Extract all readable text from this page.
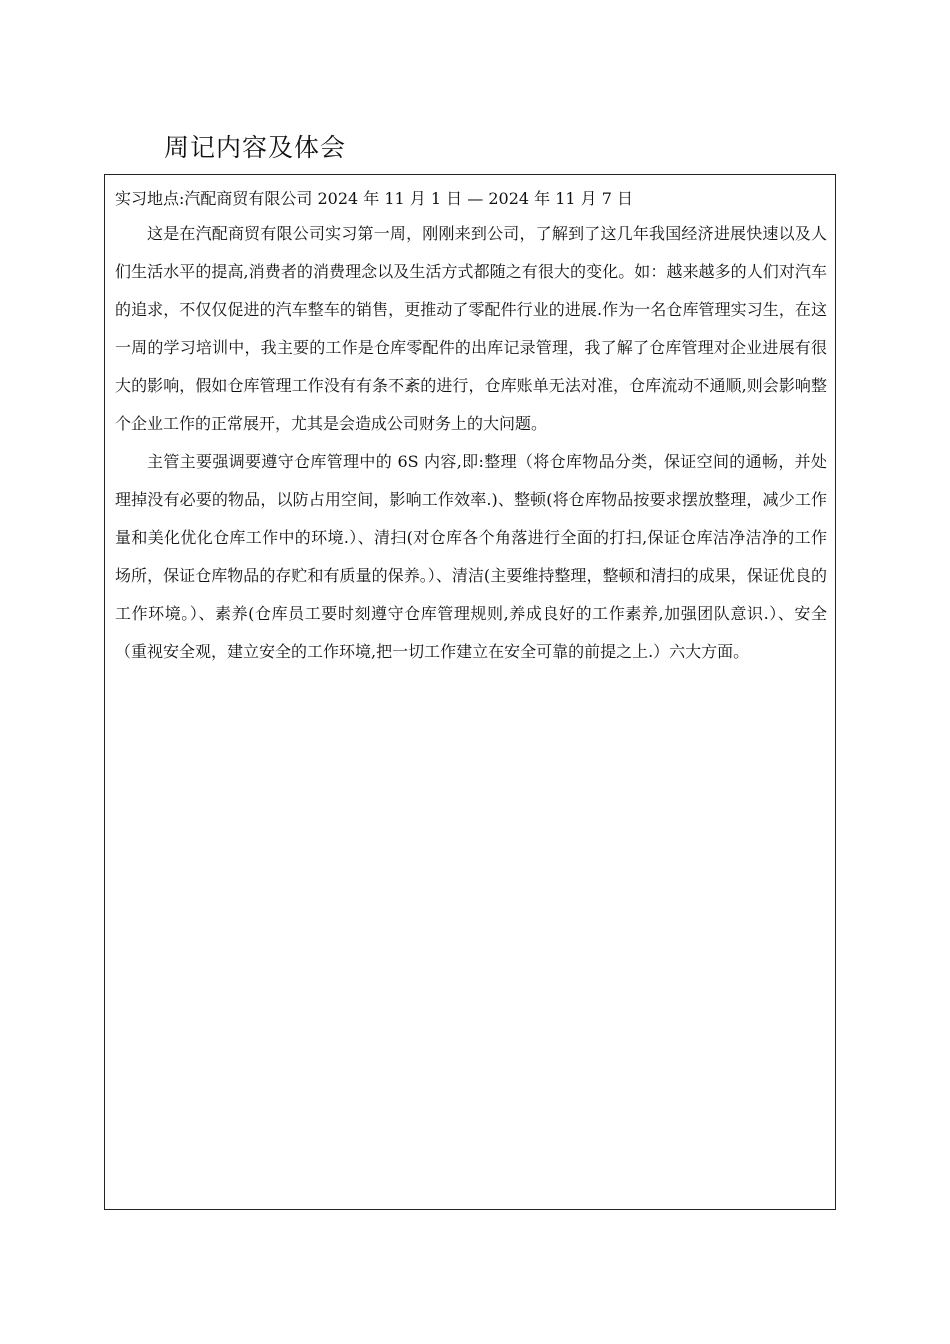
周记内容及体会

实习地点:汽配商贸有限公司 2024 年 11 月 1 日 — 2024 年 11 月 7 日

这是在汽配商贸有限公司实习第一周，刚刚来到公司，了解到了这几年我国经济进展快速以及人们生活水平的提高,消费者的消费理念以及生活方式都随之有很大的变化。如：越来越多的人们对汽车的追求，不仅仅促进的汽车整车的销售，更推动了零配件行业的进展.作为一名仓库管理实习生，在这一周的学习培训中，我主要的工作是仓库零配件的出库记录管理，我了解了仓库管理对企业进展有很大的影响，假如仓库管理工作没有有条不紊的进行，仓库账单无法对准，仓库流动不通顺,则会影响整个企业工作的正常展开，尤其是会造成公司财务上的大问题。

主管主要强调要遵守仓库管理中的 6S 内容,即:整理（将仓库物品分类，保证空间的通畅，并处理掉没有必要的物品，以防占用空间，影响工作效率.)、整顿(将仓库物品按要求摆放整理，减少工作量和美化优化仓库工作中的环境.）、清扫(对仓库各个角落进行全面的打扫,保证仓库洁净洁净的工作场所，保证仓库物品的存贮和有质量的保养。）、清洁(主要维持整理，整顿和清扫的成果，保证优良的工作环境。）、素养(仓库员工要时刻遵守仓库管理规则,养成良好的工作素养,加强团队意识.）、安全（重视安全观，建立安全的工作环境,把一切工作建立在安全可靠的前提之上.）六大方面。
